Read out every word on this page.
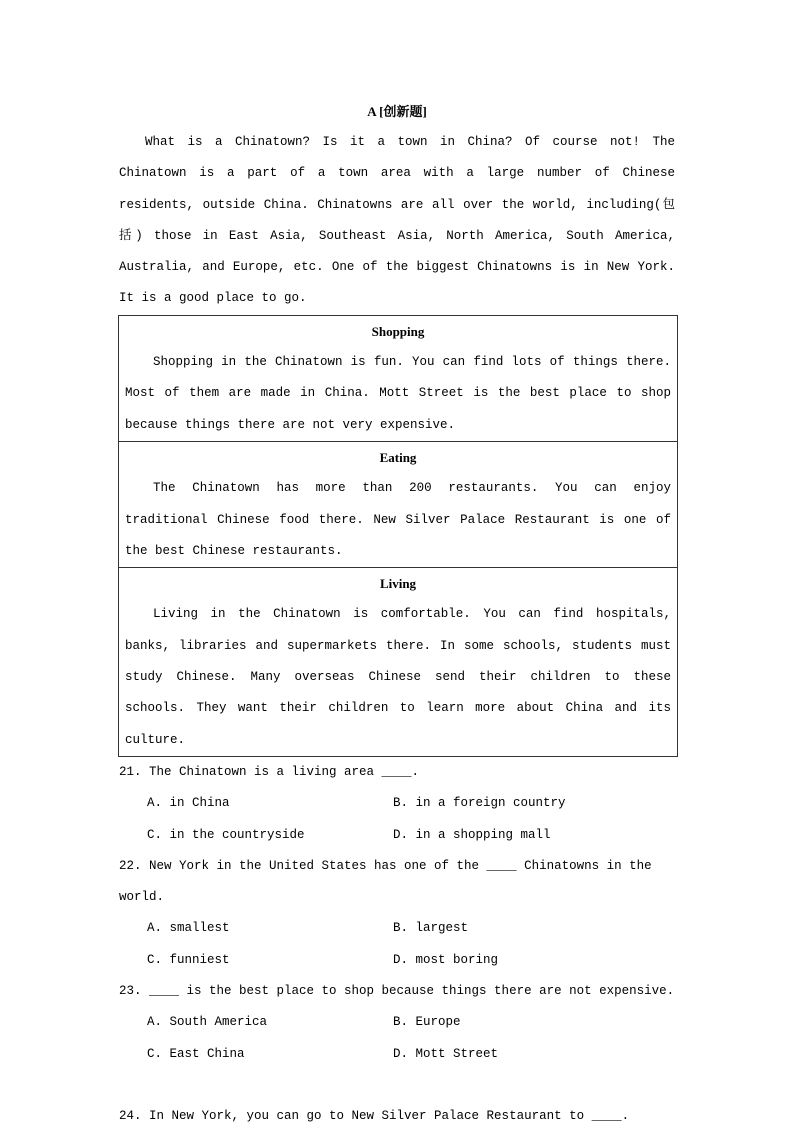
A [创新题]

What is a Chinatown? Is it a town in China? Of course not! The Chinatown is a part of a town area with a large number of Chinese residents, outside China. Chinatowns are all over the world, including(包括) those in East Asia, Southeast Asia, North America, South America, Australia, and Europe, etc. One of the biggest Chinatowns is in New York. It is a good place to go.

Shopping

Shopping in the Chinatown is fun. You can find lots of things there. Most of them are made in China. Mott Street is the best place to shop because things there are not very expensive.

Eating

The Chinatown has more than 200 restaurants. You can enjoy traditional Chinese food there. New Silver Palace Restaurant is one of the best Chinese restaurants.

Living

Living in the Chinatown is comfortable. You can find hospitals, banks, libraries and supermarkets there. In some schools, students must study Chinese. Many overseas Chinese send their children to these schools. They want their children to learn more about China and its culture.

21. The Chinatown is a living area ____.

A. in China	B. in a foreign country
C. in the countryside	D. in a shopping mall

22. New York in the United States has one of the ____ Chinatowns in the world.

A. smallest	B. largest
C. funniest	D. most boring

23. ____ is the best place to shop because things there are not expensive.

A. South America	B. Europe
C. East China	D. Mott Street

24. In New York, you can go to New Silver Palace Restaurant to ____.
